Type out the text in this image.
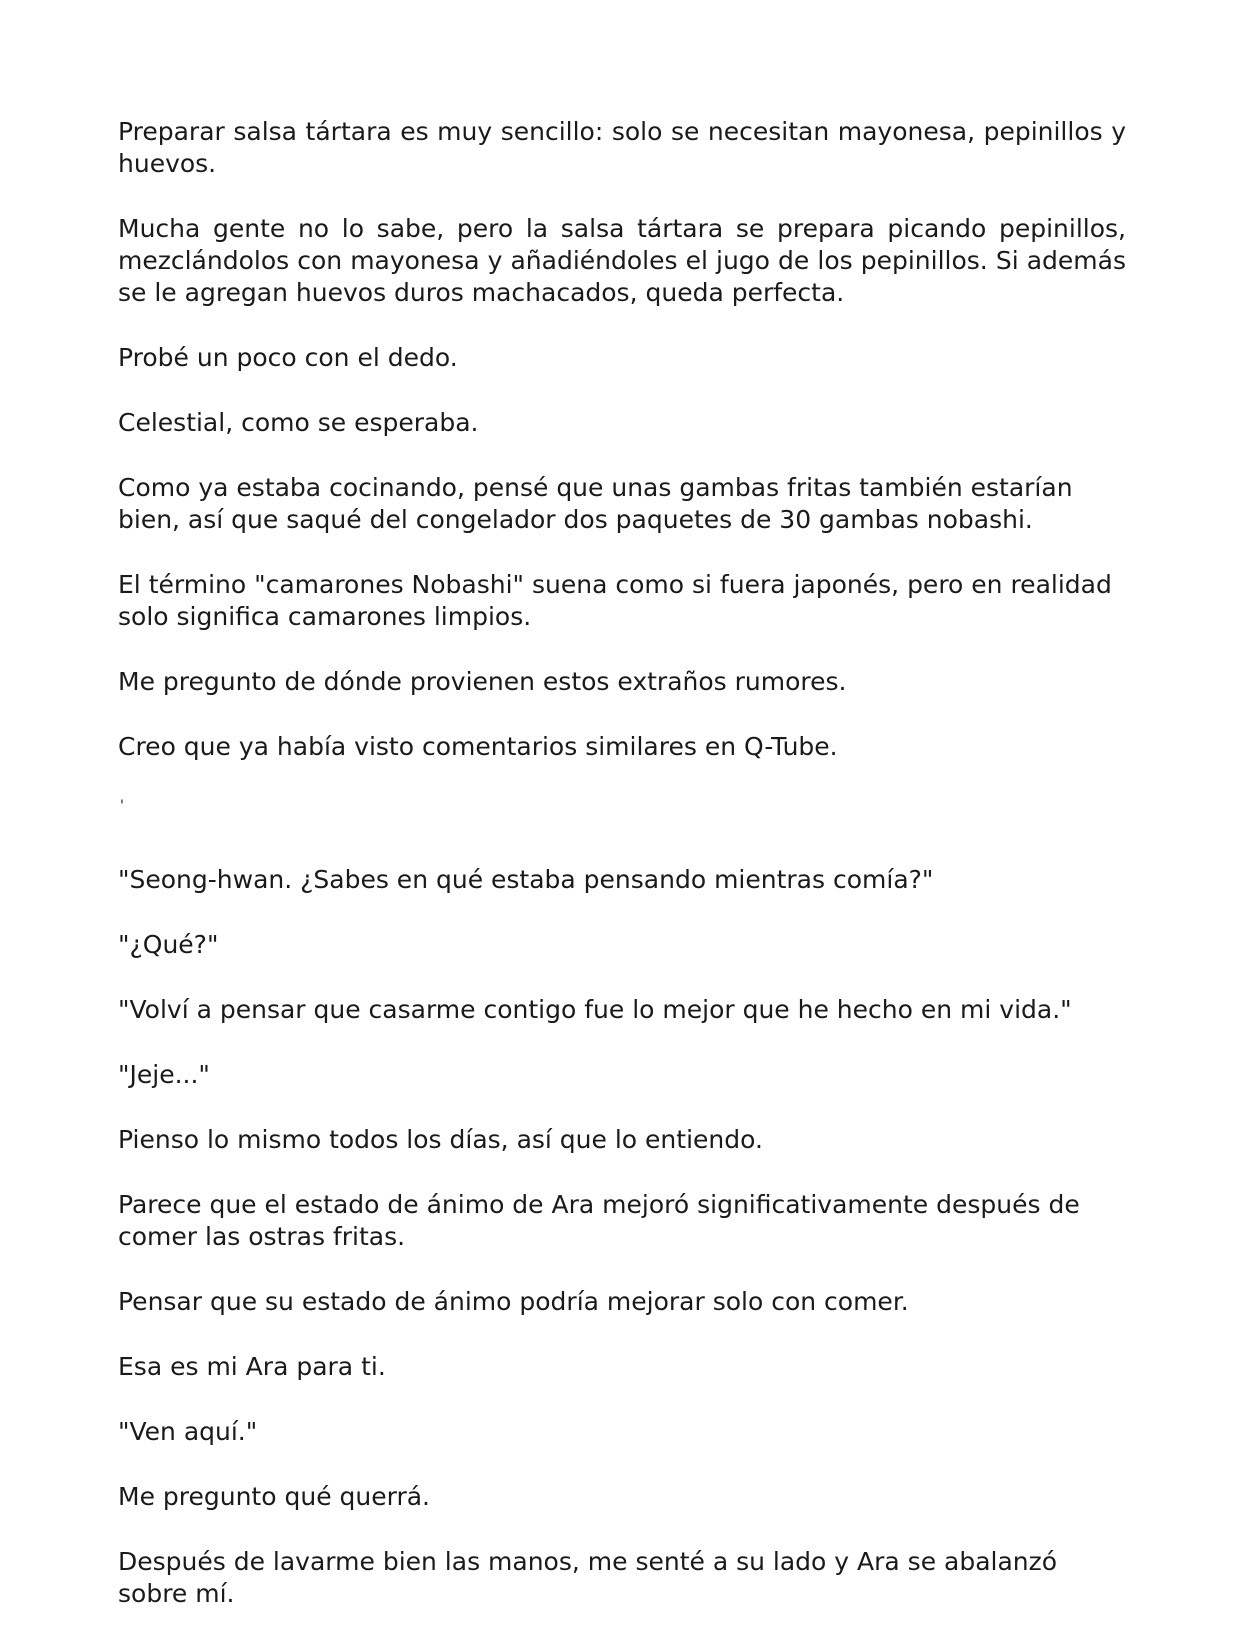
Preparar salsa tártara es muy sencillo: solo se necesitan mayonesa, pepinillos y huevos.

Mucha gente no lo sabe, pero la salsa tártara se prepara picando pepinillos, mezclándolos con mayonesa y añadiéndoles el jugo de los pepinillos. Si además se le agregan huevos duros machacados, queda perfecta.

Probé un poco con el dedo.

Celestial, como se esperaba.

Como ya estaba cocinando, pensé que unas gambas fritas también estarían bien, así que saqué del congelador dos paquetes de 30 gambas nobashi.

El término "camarones Nobashi" suena como si fuera japonés, pero en realidad solo significa camarones limpios.

Me pregunto de dónde provienen estos extraños rumores.

Creo que ya había visto comentarios similares en Q-Tube.

'

"Seong-hwan. ¿Sabes en qué estaba pensando mientras comía?"

"¿Qué?"

"Volví a pensar que casarme contigo fue lo mejor que he hecho en mi vida."

"Jeje..."

Pienso lo mismo todos los días, así que lo entiendo.

Parece que el estado de ánimo de Ara mejoró significativamente después de comer las ostras fritas.

Pensar que su estado de ánimo podría mejorar solo con comer.

Esa es mi Ara para ti.

"Ven aquí."

Me pregunto qué querrá.

Después de lavarme bien las manos, me senté a su lado y Ara se abalanzó sobre mí.
